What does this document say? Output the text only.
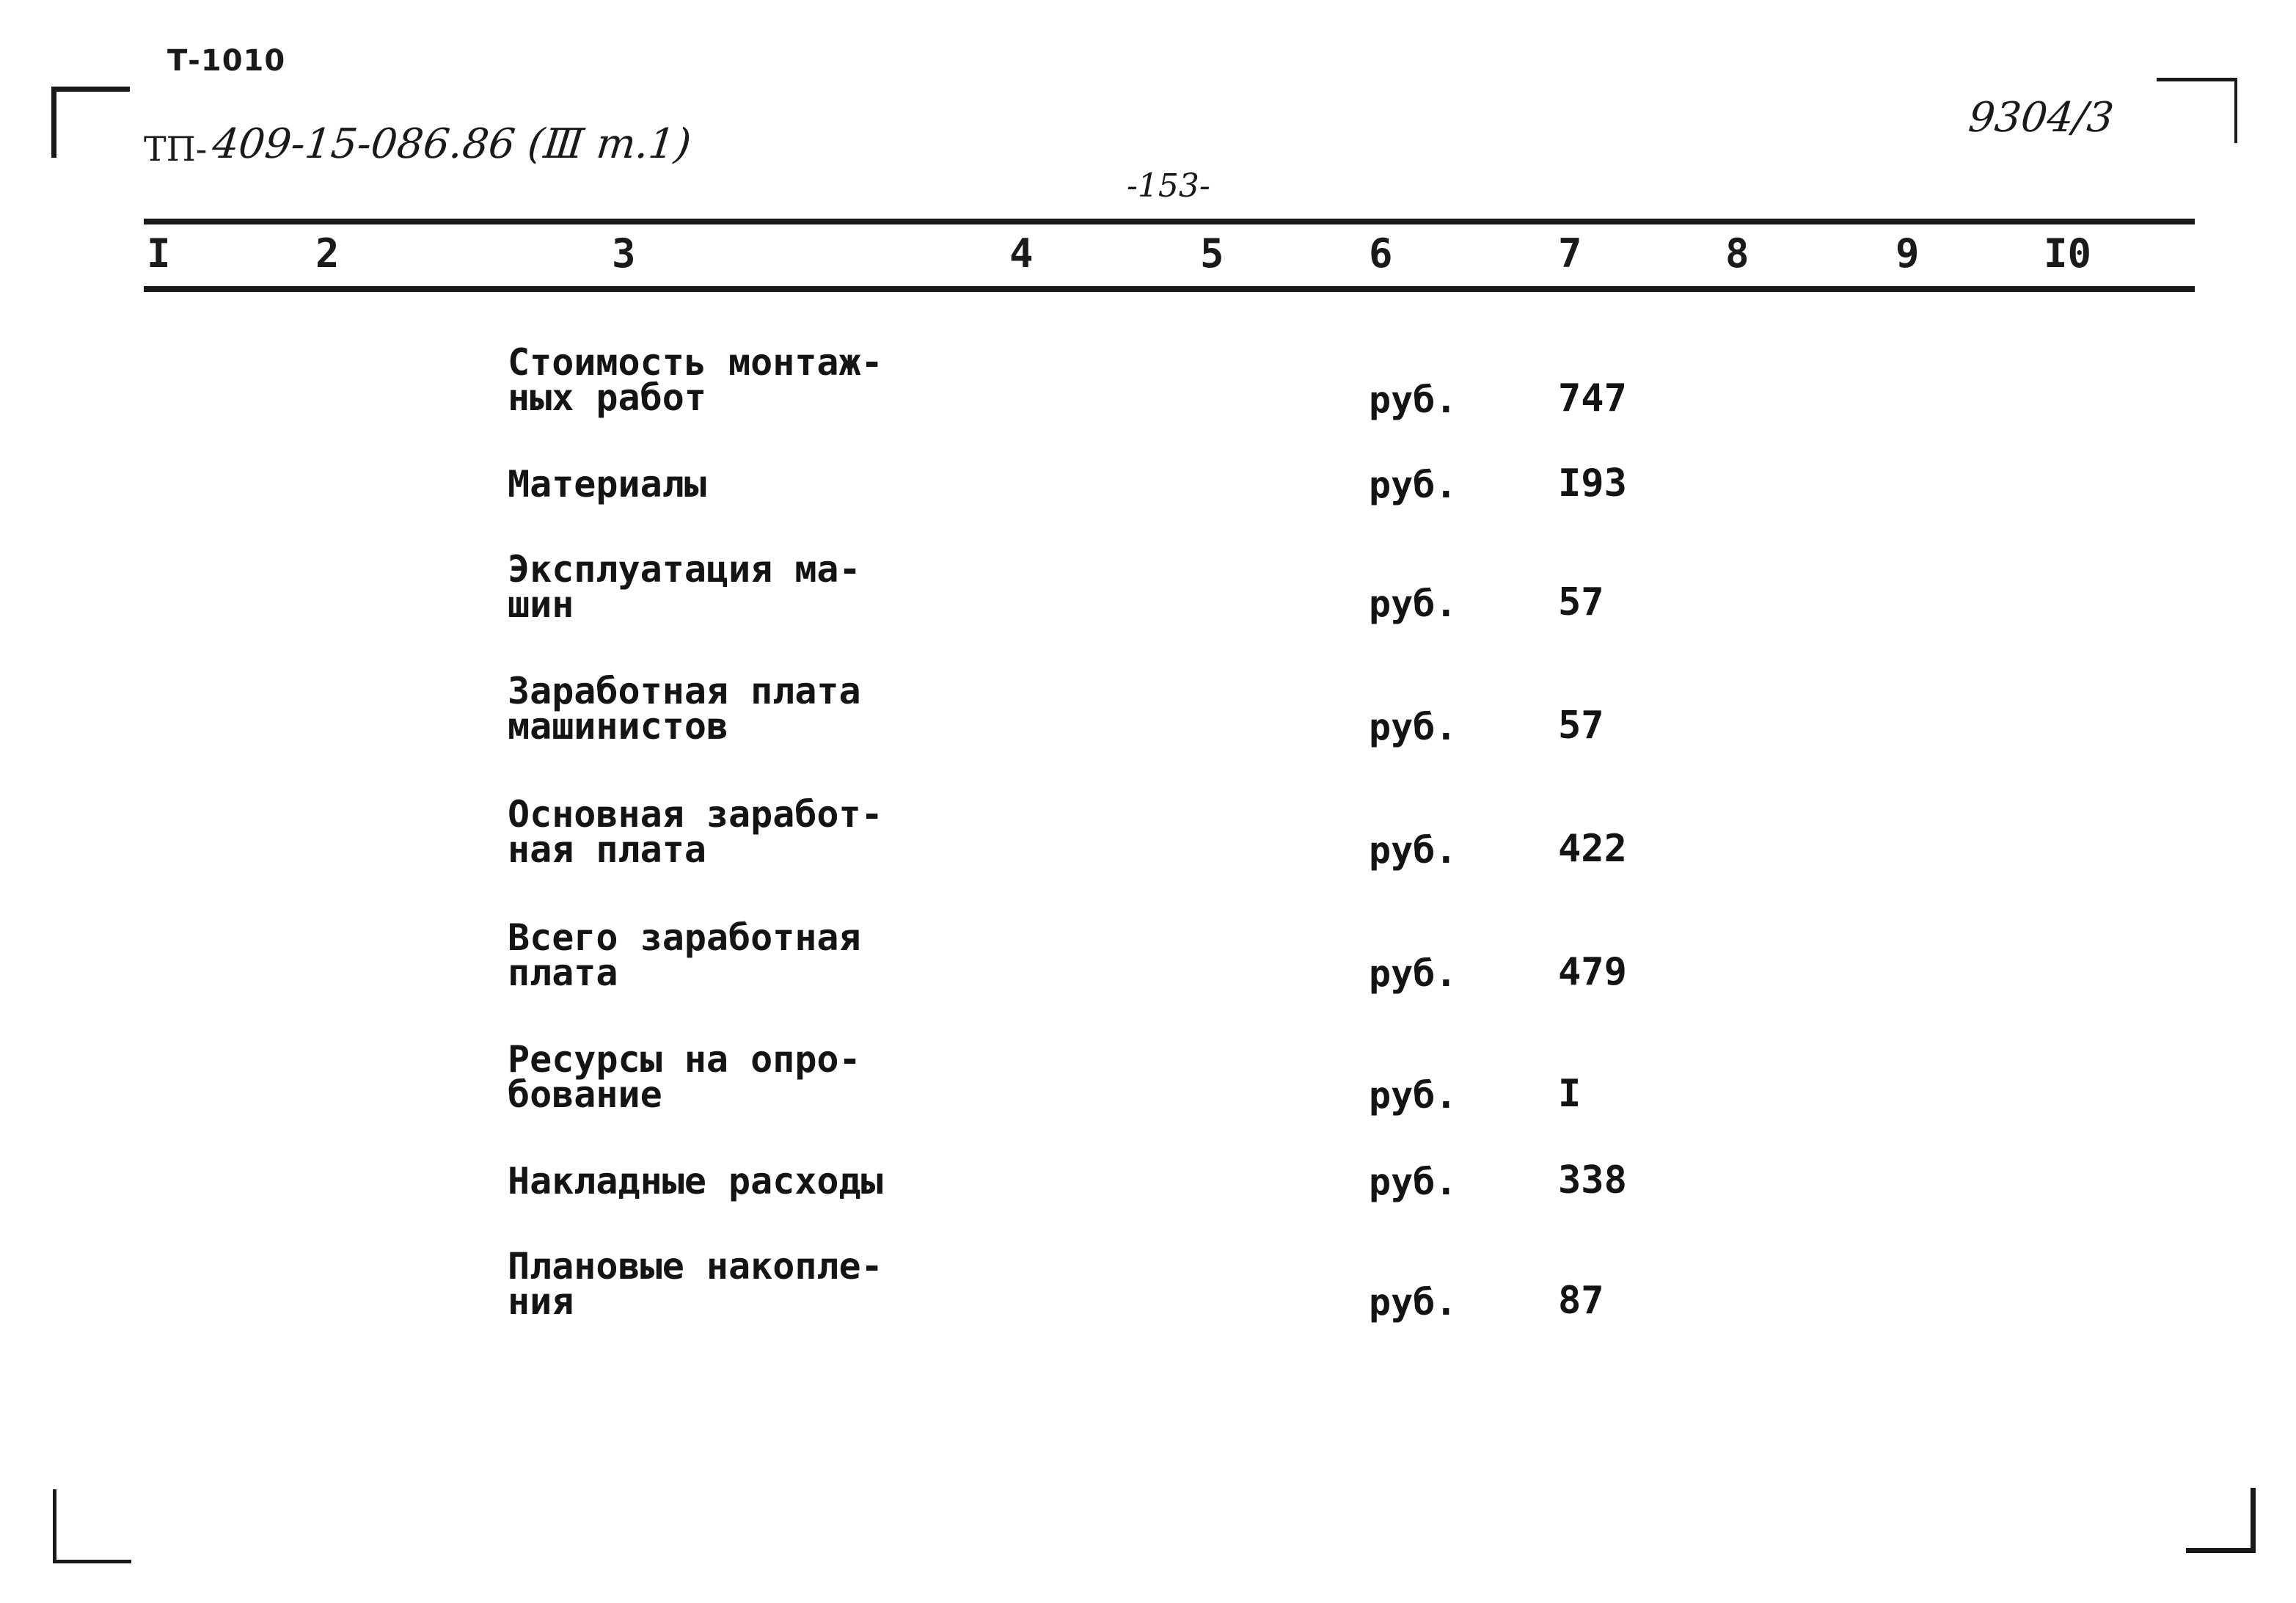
Т-1010
ТП- 409-15-086.86 (Ⅲ т.1)
9304/3
-153-
I	2	3	4	5	6	7	8	9	I0
Стоимость монтаж-
ных работ	руб.	747
Материалы	руб.	I93
Эксплуатация ма-
шин	руб.	57
Заработная плата
машинистов	руб.	57
Основная заработ-
ная плата	руб.	422
Всего заработная
плата	руб.	479
Ресурсы на опро-
бование	руб.	I
Накладные расходы	руб.	338
Плановые накопле-
ния	руб.	87
